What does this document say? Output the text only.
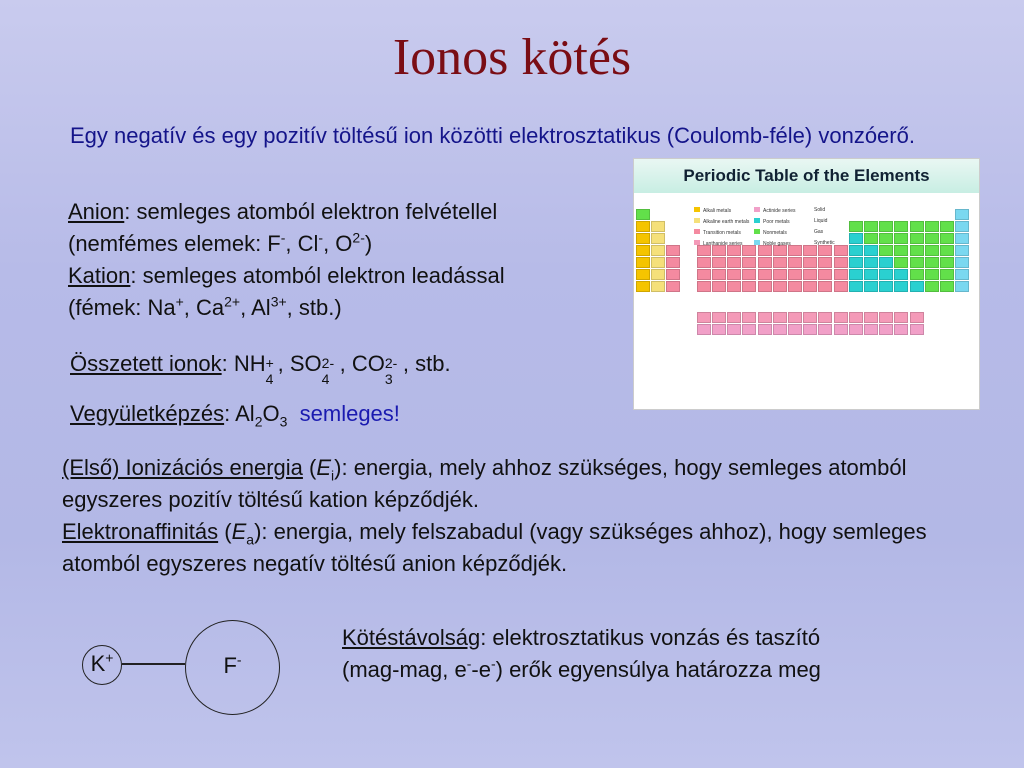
Ionos kötés
Egy negatív és egy pozitív töltésű ion közötti elektrosztatikus (Coulomb-féle) vonzóerő.
Anion: semleges atomból elektron felvétellel
(nemfémes elemek: F-, Cl-, $O^{2-}$)
Kation: semleges atomból elektron leadással
(fémek: Na+, $Ca^{2+}$, $Al^{3+}$, stb.)
Összetett ionok: NH +
4
, SO 2-
4
, CO 2-
3
, stb.
Vegyületképzés: $Al_2O_3$ semleges!
(Első) Ionizációs energia $(E_i)$: energia, mely ahhoz szükséges, hogy semleges atomból egyszeres pozitív töltésű kation képződjék.
Elektronaffinitás $(E_a)$: energia, mely felszabadul (vagy szükséges ahhoz), hogy semleges atomból egyszeres negatív töltésű anion képződjék.
Kötéstávolság: elektrosztatikus vonzás és taszító
(mag-mag, e--e-) erők egyensúlya határozza meg
K+	F-
Periodic Table of the Elements
Alkali metals
Alkaline earth metals
Transition metals
Lanthanide series
Actinide series
Poor metals
Nonmetals
Noble gases
Solid
Liquid
Gas
Synthetic
